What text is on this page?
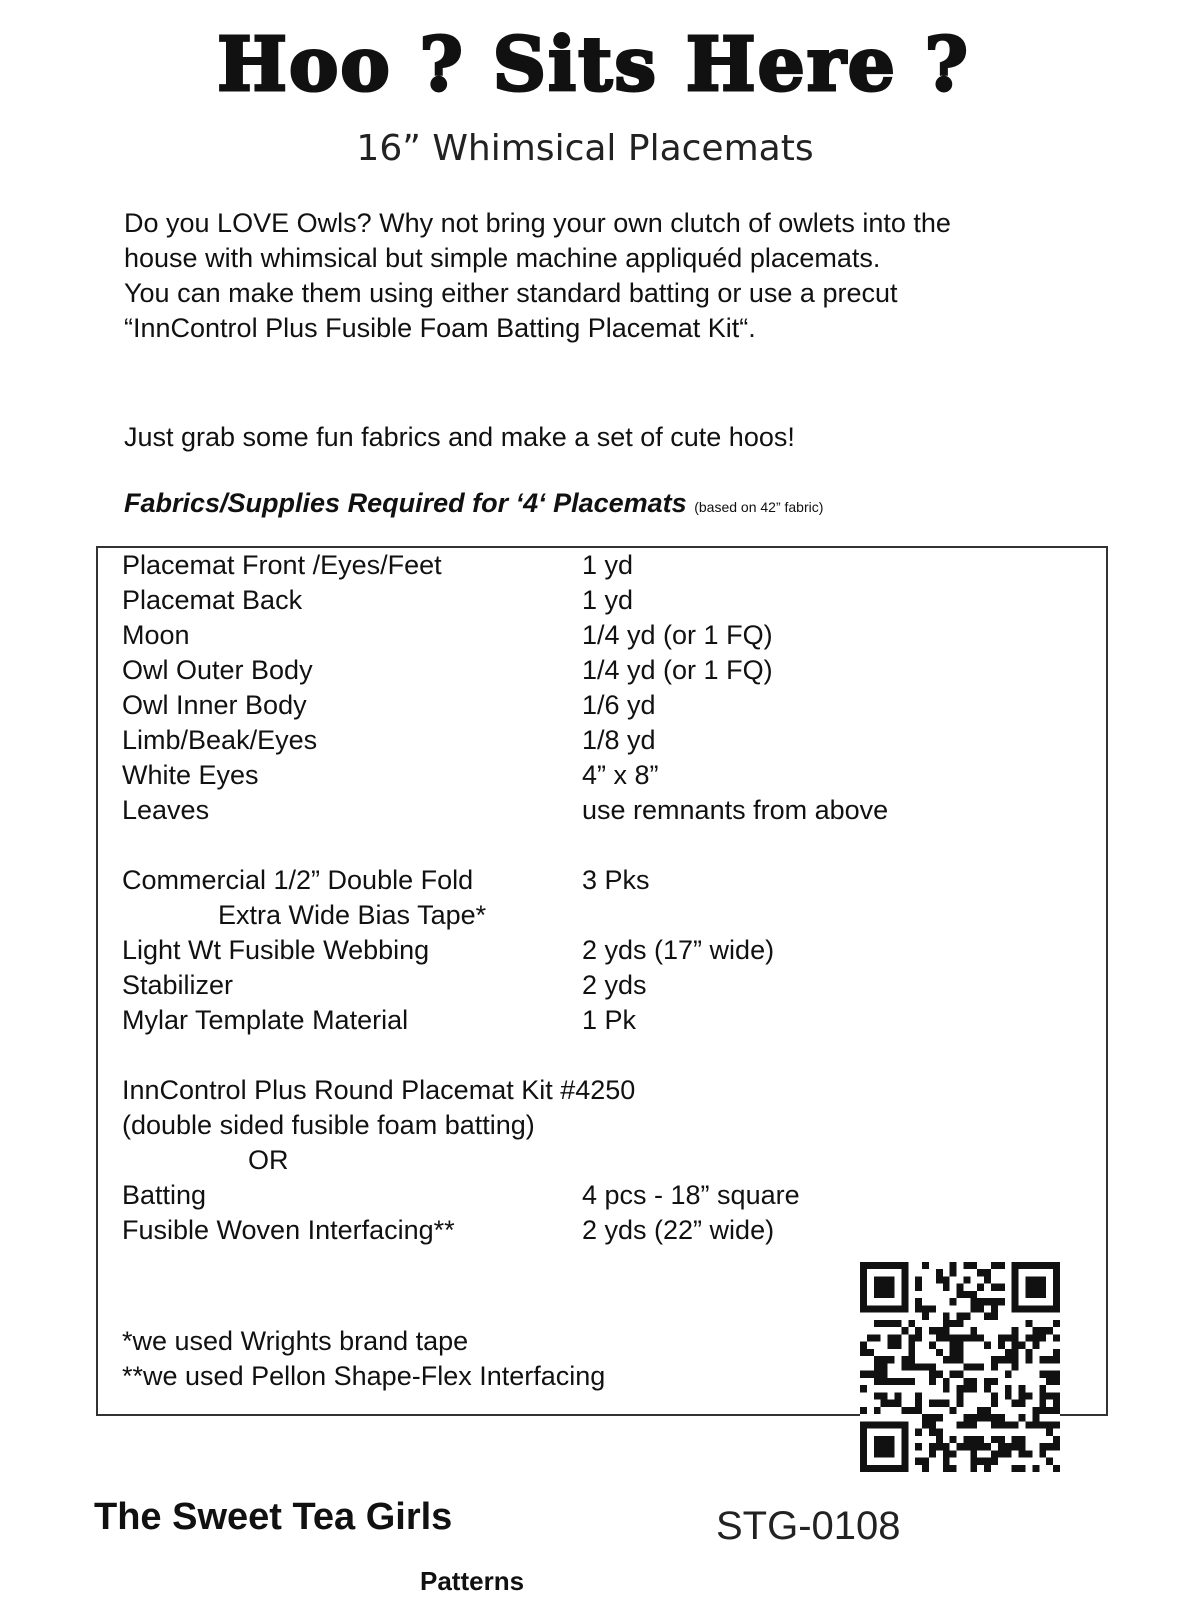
Hoo ? Sits Here ?
16” Whimsical Placemats
Do you LOVE Owls? Why not bring your own clutch of owlets into the
house with whimsical but simple machine appliquéd placemats.
You can make them using either standard batting or use a precut
“InnControl Plus Fusible Foam Batting Placemat Kit“.
Just grab some fun fabrics and make a set of cute hoos!
Fabrics/Supplies Required for ‘4‘ Placemats (based on 42” fabric)
Placemat Front /Eyes/Feet	1 yd
Placemat Back	1 yd
Moon	1/4 yd (or 1 FQ)
Owl Outer Body	1/4 yd (or 1 FQ)
Owl Inner Body	1/6 yd
Limb/Beak/Eyes	1/8 yd
White Eyes	4” x 8”
Leaves	use remnants from above
Commercial 1/2” Double Fold	3 Pks
Extra Wide Bias Tape*
Light Wt Fusible Webbing	2 yds (17” wide)
Stabilizer	2 yds
Mylar Template Material	1 Pk
InnControl Plus Round Placemat Kit #4250
(double sided fusible foam batting)
OR
Batting	4 pcs - 18” square
Fusible Woven Interfacing**	2 yds (22” wide)
*we used Wrights brand tape
**we used Pellon Shape-Flex Interfacing
The Sweet Tea Girls
Patterns
STG-0108
